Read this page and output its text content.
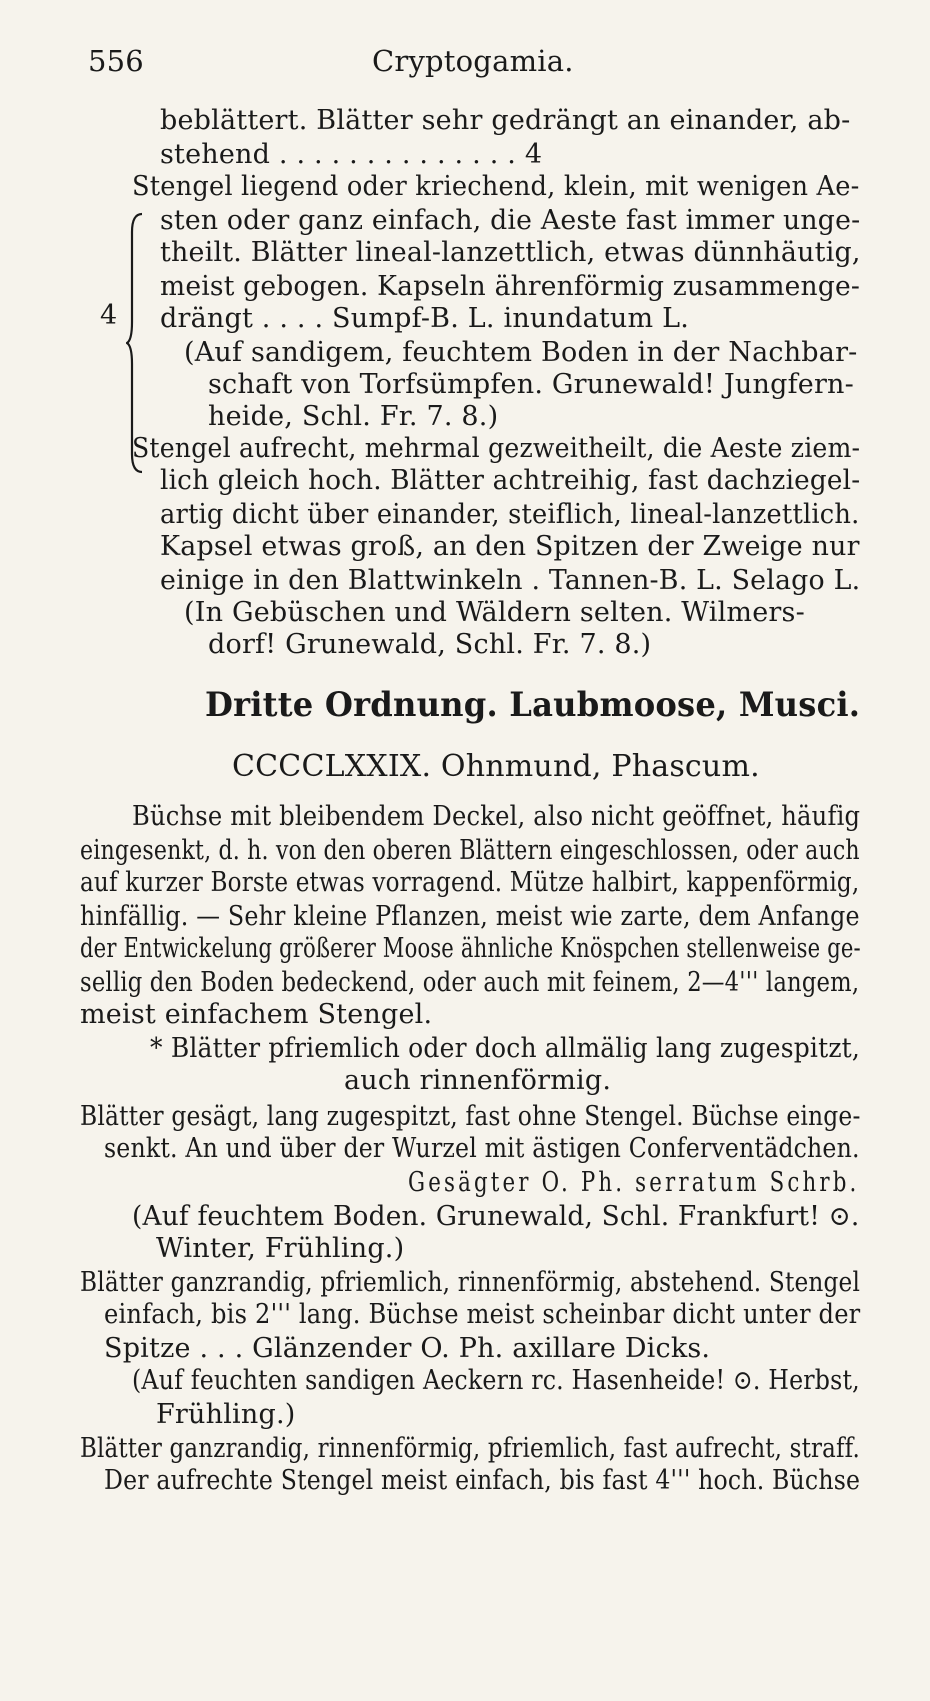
556	Cryptogamia.
beblättert. Blätter sehr gedrängt an einander, ab-
stehend . . . . . . . . . . . . . . 4
Stengel liegend oder kriechend, klein, mit wenigen Ae-
sten oder ganz einfach, die Aeste fast immer unge-
theilt. Blätter lineal-lanzettlich, etwas dünnhäutig,
meist gebogen. Kapseln ährenförmig zusammenge-
drängt . . . . Sumpf-B. L. inundatum L.
(Auf sandigem, feuchtem Boden in der Nachbar-
schaft von Torfsümpfen. Grunewald! Jungfern-
heide, Schl. Fr. 7. 8.)
Stengel aufrecht, mehrmal gezweitheilt, die Aeste ziem-
lich gleich hoch. Blätter achtreihig, fast dachziegel-
artig dicht über einander, steiflich, lineal-lanzettlich.
Kapsel etwas groß, an den Spitzen der Zweige nur
einige in den Blattwinkeln . Tannen-B. L. Selago L.
(In Gebüschen und Wäldern selten. Wilmers-
dorf! Grunewald, Schl. Fr. 7. 8.)
4
Dritte Ordnung. Laubmoose, Musci.
CCCCLXXIX. Ohnmund, Phascum.
Büchse mit bleibendem Deckel, also nicht geöffnet, häufig
eingesenkt, d. h. von den oberen Blättern eingeschlossen, oder auch
auf kurzer Borste etwas vorragend. Mütze halbirt, kappenförmig,
hinfällig. — Sehr kleine Pflanzen, meist wie zarte, dem Anfange
der Entwickelung größerer Moose ähnliche Knöspchen stellenweise ge-
sellig den Boden bedeckend, oder auch mit feinem, 2—4''' langem,
meist einfachem Stengel.
* Blätter pfriemlich oder doch allmälig lang zugespitzt,
auch rinnenförmig.
Blätter gesägt, lang zugespitzt, fast ohne Stengel. Büchse einge-
senkt. An und über der Wurzel mit ästigen Conferventädchen.
Gesägter O. Ph. serratum Schrb.
(Auf feuchtem Boden. Grunewald, Schl. Frankfurt! ⊙.
Winter, Frühling.)
Blätter ganzrandig, pfriemlich, rinnenförmig, abstehend. Stengel
einfach, bis 2''' lang. Büchse meist scheinbar dicht unter der
Spitze . . . Glänzender O. Ph. axillare Dicks.
(Auf feuchten sandigen Aeckern rc. Hasenheide! ⊙. Herbst,
Frühling.)
Blätter ganzrandig, rinnenförmig, pfriemlich, fast aufrecht, straff.
Der aufrechte Stengel meist einfach, bis fast 4''' hoch. Büchse
